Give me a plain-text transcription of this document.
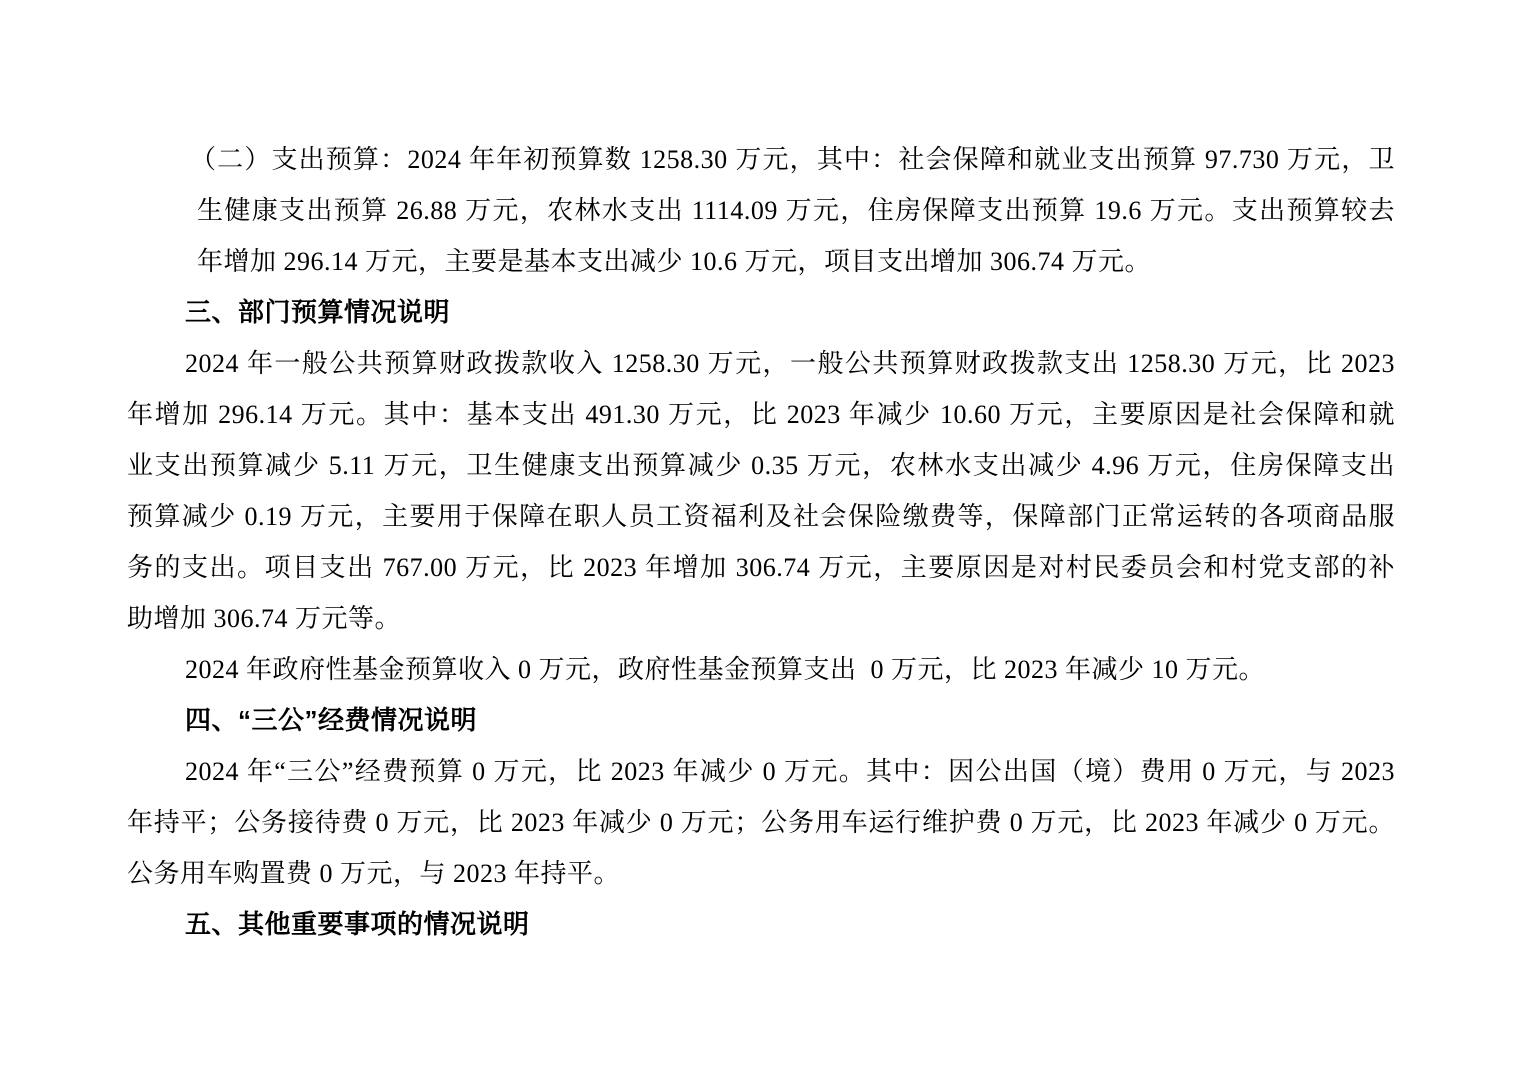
（二）支出预算：2024 年年初预算数 1258.30 万元，其中：社会保障和就业支出预算 97.730 万元，卫
生健康支出预算 26.88 万元，农林水支出 1114.09 万元，住房保障支出预算 19.6 万元。支出预算较去
年增加 296.14 万元，主要是基本支出减少 10.6 万元，项目支出增加 306.74 万元。
三、部门预算情况说明
2024 年一般公共预算财政拨款收入 1258.30 万元，一般公共预算财政拨款支出 1258.30 万元，比 2023
年增加 296.14 万元。其中：基本支出 491.30 万元，比 2023 年减少 10.60 万元，主要原因是社会保障和就
业支出预算减少 5.11 万元，卫生健康支出预算减少 0.35 万元，农林水支出减少 4.96 万元，住房保障支出
预算减少 0.19 万元，主要用于保障在职人员工资福利及社会保险缴费等，保障部门正常运转的各项商品服
务的支出。项目支出 767.00 万元，比 2023 年增加 306.74 万元，主要原因是对村民委员会和村党支部的补
助增加 306.74 万元等。
2024 年政府性基金预算收入 0 万元，政府性基金预算支出  0 万元，比 2023 年减少 10 万元。
四、“三公”经费情况说明
2024 年“三公”经费预算 0 万元，比 2023 年减少 0 万元。其中：因公出国（境）费用 0 万元，与 2023
年持平；公务接待费 0 万元，比 2023 年减少 0 万元；公务用车运行维护费 0 万元，比 2023 年减少 0 万元。
公务用车购置费 0 万元，与 2023 年持平。
五、其他重要事项的情况说明
